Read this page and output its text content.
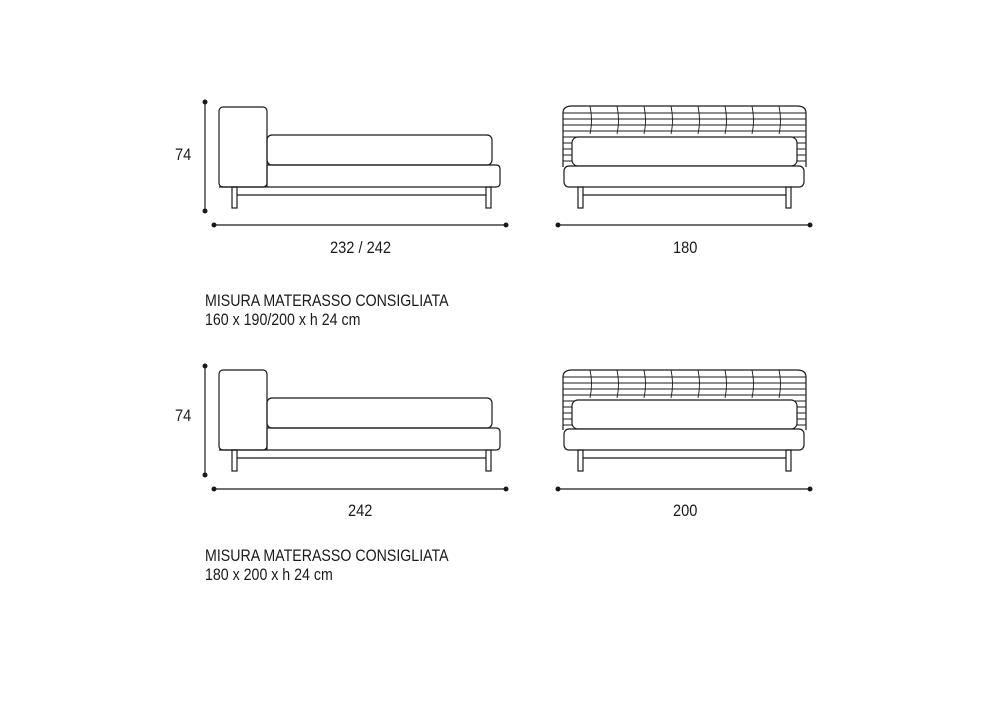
74
232 / 242	180
MISURA MATERASSO CONSIGLIATA
160 x 190/200 x h 24 cm
74
242	200
MISURA MATERASSO CONSIGLIATA
180 x 200 x h 24 cm
